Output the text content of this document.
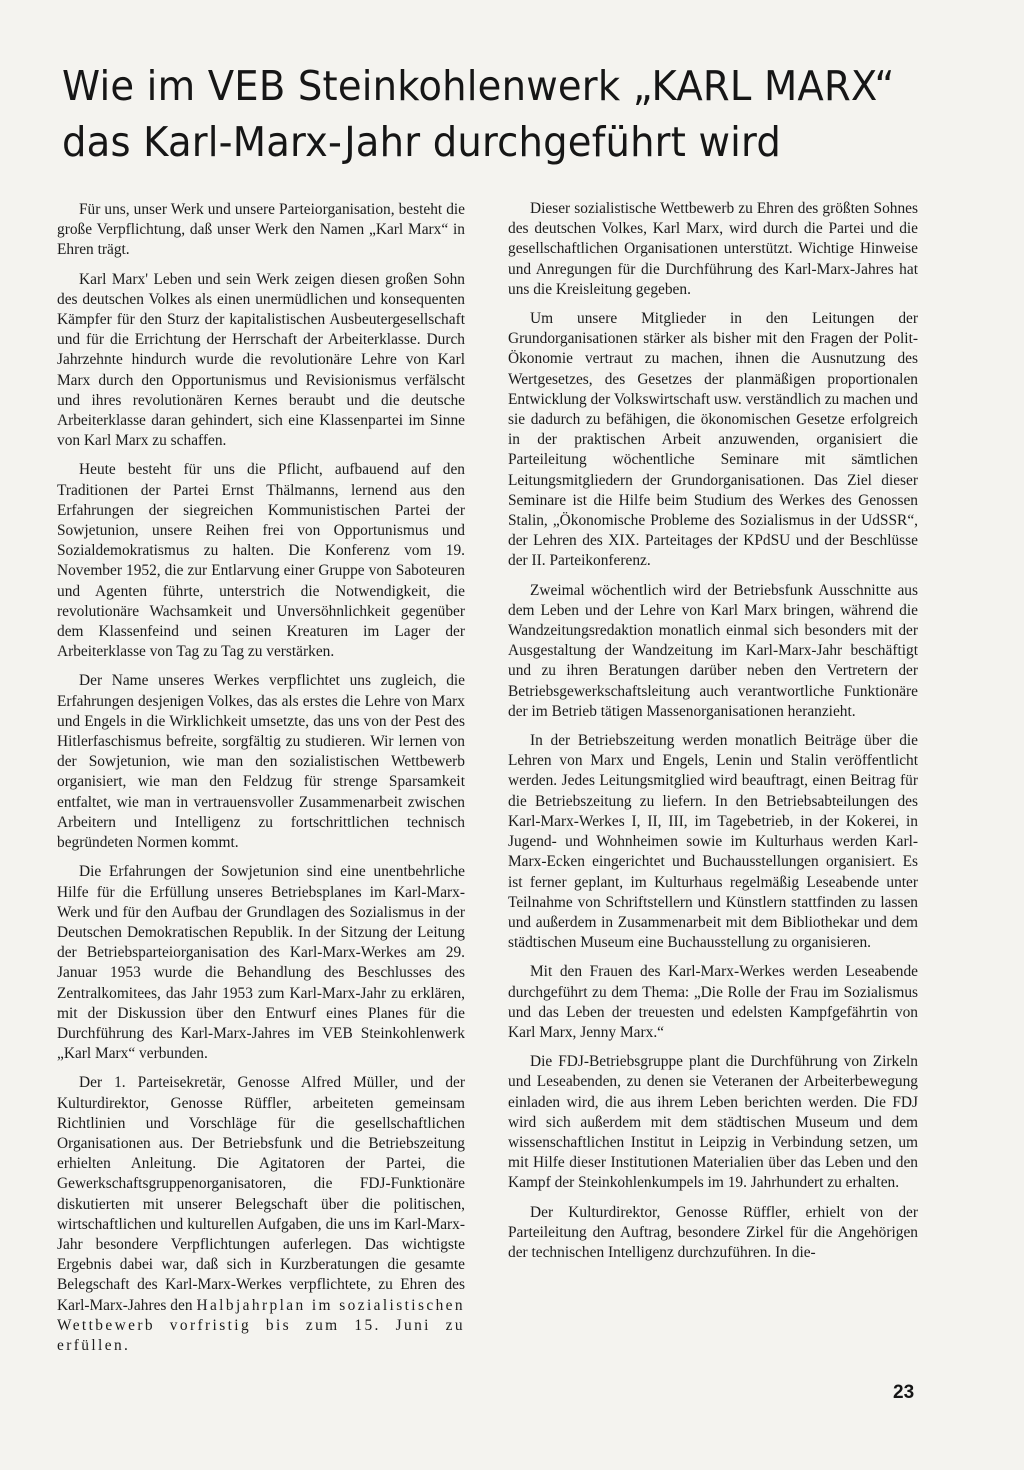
Wie im VEB Steinkohlenwerk „KARL MARX“
das Karl-Marx-Jahr durchgeführt wird

Für uns, unser Werk und unsere Parteiorganisation, besteht die große Verpflichtung, daß unser Werk den Namen „Karl Marx“ in Ehren trägt.

Karl Marx' Leben und sein Werk zeigen diesen großen Sohn des deutschen Volkes als einen unermüdlichen und konsequenten Kämpfer für den Sturz der kapitalistischen Ausbeutergesellschaft und für die Errichtung der Herrschaft der Arbeiterklasse. Durch Jahrzehnte hindurch wurde die revolutionäre Lehre von Karl Marx durch den Opportunismus und Revisionismus verfälscht und ihres revolutionären Kernes beraubt und die deutsche Arbeiterklasse daran gehindert, sich eine Klassenpartei im Sinne von Karl Marx zu schaffen.

Heute besteht für uns die Pflicht, aufbauend auf den Traditionen der Partei Ernst Thälmanns, lernend aus den Erfahrungen der siegreichen Kommunistischen Partei der Sowjetunion, unsere Reihen frei von Opportunismus und Sozialdemokratismus zu halten. Die Konferenz vom 19. November 1952, die zur Entlarvung einer Gruppe von Saboteuren und Agenten führte, unterstrich die Notwendigkeit, die revolutionäre Wachsamkeit und Unversöhnlichkeit gegenüber dem Klassenfeind und seinen Kreaturen im Lager der Arbeiterklasse von Tag zu Tag zu verstärken.

Der Name unseres Werkes verpflichtet uns zugleich, die Erfahrungen desjenigen Volkes, das als erstes die Lehre von Marx und Engels in die Wirklichkeit umsetzte, das uns von der Pest des Hitlerfaschismus befreite, sorgfältig zu studieren. Wir lernen von der Sowjetunion, wie man den sozialistischen Wettbewerb organisiert, wie man den Feldzug für strenge Sparsamkeit entfaltet, wie man in vertrauensvoller Zusammenarbeit zwischen Arbeitern und Intelligenz zu fortschrittlichen technisch begründeten Normen kommt.

Die Erfahrungen der Sowjetunion sind eine unentbehrliche Hilfe für die Erfüllung unseres Betriebsplanes im Karl-Marx-Werk und für den Aufbau der Grundlagen des Sozialismus in der Deutschen Demokratischen Republik. In der Sitzung der Leitung der Betriebsparteiorganisation des Karl-Marx-Werkes am 29. Januar 1953 wurde die Behandlung des Beschlusses des Zentralkomitees, das Jahr 1953 zum Karl-Marx-Jahr zu erklären, mit der Diskussion über den Entwurf eines Planes für die Durchführung des Karl-Marx-Jahres im VEB Steinkohlenwerk „Karl Marx“ verbunden.

Der 1. Parteisekretär, Genosse Alfred Müller, und der Kulturdirektor, Genosse Rüffler, arbeiteten gemeinsam Richtlinien und Vorschläge für die gesellschaftlichen Organisationen aus. Der Betriebsfunk und die Betriebszeitung erhielten Anleitung. Die Agitatoren der Partei, die Gewerkschaftsgruppenorganisatoren, die FDJ-Funktionäre diskutierten mit unserer Belegschaft über die politischen, wirtschaftlichen und kulturellen Aufgaben, die uns im Karl-Marx-Jahr besondere Verpflichtungen auferlegen. Das wichtigste Ergebnis dabei war, daß sich in Kurzberatungen die gesamte Belegschaft des Karl-Marx-Werkes verpflichtete, zu Ehren des Karl-Marx-Jahres den Halbjahrplan im sozialistischen Wettbewerb vorfristig bis zum 15. Juni zu erfüllen.

Dieser sozialistische Wettbewerb zu Ehren des größten Sohnes des deutschen Volkes, Karl Marx, wird durch die Partei und die gesellschaftlichen Organisationen unterstützt. Wichtige Hinweise und Anregungen für die Durchführung des Karl-Marx-Jahres hat uns die Kreisleitung gegeben.

Um unsere Mitglieder in den Leitungen der Grundorganisationen stärker als bisher mit den Fragen der Polit-Ökonomie vertraut zu machen, ihnen die Ausnutzung des Wertgesetzes, des Gesetzes der planmäßigen proportionalen Entwicklung der Volkswirtschaft usw. verständlich zu machen und sie dadurch zu befähigen, die ökonomischen Gesetze erfolgreich in der praktischen Arbeit anzuwenden, organisiert die Parteileitung wöchentliche Seminare mit sämtlichen Leitungsmitgliedern der Grundorganisationen. Das Ziel dieser Seminare ist die Hilfe beim Studium des Werkes des Genossen Stalin, „Ökonomische Probleme des Sozialismus in der UdSSR“, der Lehren des XIX. Parteitages der KPdSU und der Beschlüsse der II. Parteikonferenz.

Zweimal wöchentlich wird der Betriebsfunk Ausschnitte aus dem Leben und der Lehre von Karl Marx bringen, während die Wandzeitungsredaktion monatlich einmal sich besonders mit der Ausgestaltung der Wandzeitung im Karl-Marx-Jahr beschäftigt und zu ihren Beratungen darüber neben den Vertretern der Betriebsgewerkschaftsleitung auch verantwortliche Funktionäre der im Betrieb tätigen Massenorganisationen heranzieht.

In der Betriebszeitung werden monatlich Beiträge über die Lehren von Marx und Engels, Lenin und Stalin veröffentlicht werden. Jedes Leitungsmitglied wird beauftragt, einen Beitrag für die Betriebszeitung zu liefern. In den Betriebsabteilungen des Karl-Marx-Werkes I, II, III, im Tagebetrieb, in der Kokerei, in Jugend- und Wohnheimen sowie im Kulturhaus werden Karl-Marx-Ecken eingerichtet und Buchausstellungen organisiert. Es ist ferner geplant, im Kulturhaus regelmäßig Leseabende unter Teilnahme von Schriftstellern und Künstlern stattfinden zu lassen und außerdem in Zusammenarbeit mit dem Bibliothekar und dem städtischen Museum eine Buchausstellung zu organisieren.

Mit den Frauen des Karl-Marx-Werkes werden Leseabende durchgeführt zu dem Thema: „Die Rolle der Frau im Sozialismus und das Leben der treuesten und edelsten Kampfgefährtin von Karl Marx, Jenny Marx.“

Die FDJ-Betriebsgruppe plant die Durchführung von Zirkeln und Leseabenden, zu denen sie Veteranen der Arbeiterbewegung einladen wird, die aus ihrem Leben berichten werden. Die FDJ wird sich außerdem mit dem städtischen Museum und dem wissenschaftlichen Institut in Leipzig in Verbindung setzen, um mit Hilfe dieser Institutionen Materialien über das Leben und den Kampf der Steinkohlenkumpels im 19. Jahrhundert zu erhalten.

Der Kulturdirektor, Genosse Rüffler, erhielt von der Parteileitung den Auftrag, besondere Zirkel für die Angehörigen der technischen Intelligenz durchzuführen. In die-

23
